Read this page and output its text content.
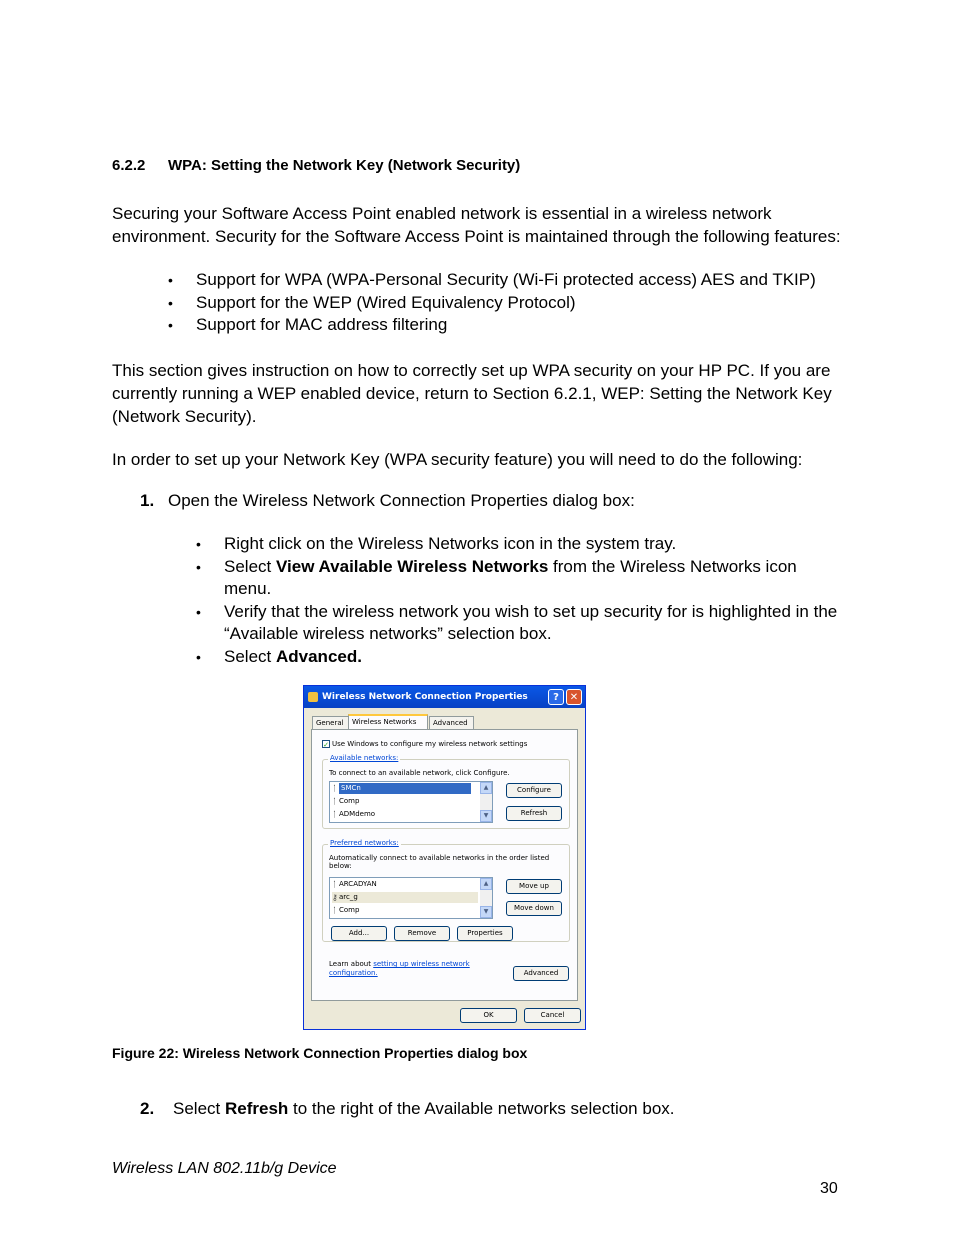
6.2.2 WPA: Setting the Network Key (Network Security)
Securing your Software Access Point enabled network is essential in a wireless network environment. Security for the Software Access Point is maintained through the following features:
• Support for WPA (WPA-Personal Security (Wi-Fi protected access) AES and TKIP)
• Support for the WEP (Wired Equivalency Protocol)
• Support for MAC address filtering
This section gives instruction on how to correctly set up WPA security on your HP PC. If you are currently running a WEP enabled device, return to Section 6.2.1, WEP: Setting the Network Key (Network Security).
In order to set up your Network Key (WPA security feature) you will need to do the following:
1. Open the Wireless Network Connection Properties dialog box:
• Right click on the Wireless Networks icon in the system tray.
• Select View Available Wireless Networks from the Wireless Networks icon menu.
• Verify that the wireless network you wish to set up security for is highlighted in the “Available wireless networks” selection box.
• Select Advanced.
Wireless Network Connection Properties	?	✕
General	Wireless Networks	Advanced
✓ Use Windows to configure my wireless network settings
Available networks:
To connect to an available network, click Configure.
ᛙ SMCn
ᛙ Comp
ᛙ ADMdemo
▲
▼
Configure
Refresh
Preferred networks:
Automatically connect to available networks in the order listed below:
ᛙ ARCADYAN
⚷ arc_g
ᛙ Comp
▲
▼
Move up
Move down
Add...	Remove	Properties
Learn about setting up wireless network configuration.	Advanced
OK	Cancel
Figure 22: Wireless Network Connection Properties dialog box
2. Select Refresh to the right of the Available networks selection box.
Wireless LAN 802.11b/g Device
30
